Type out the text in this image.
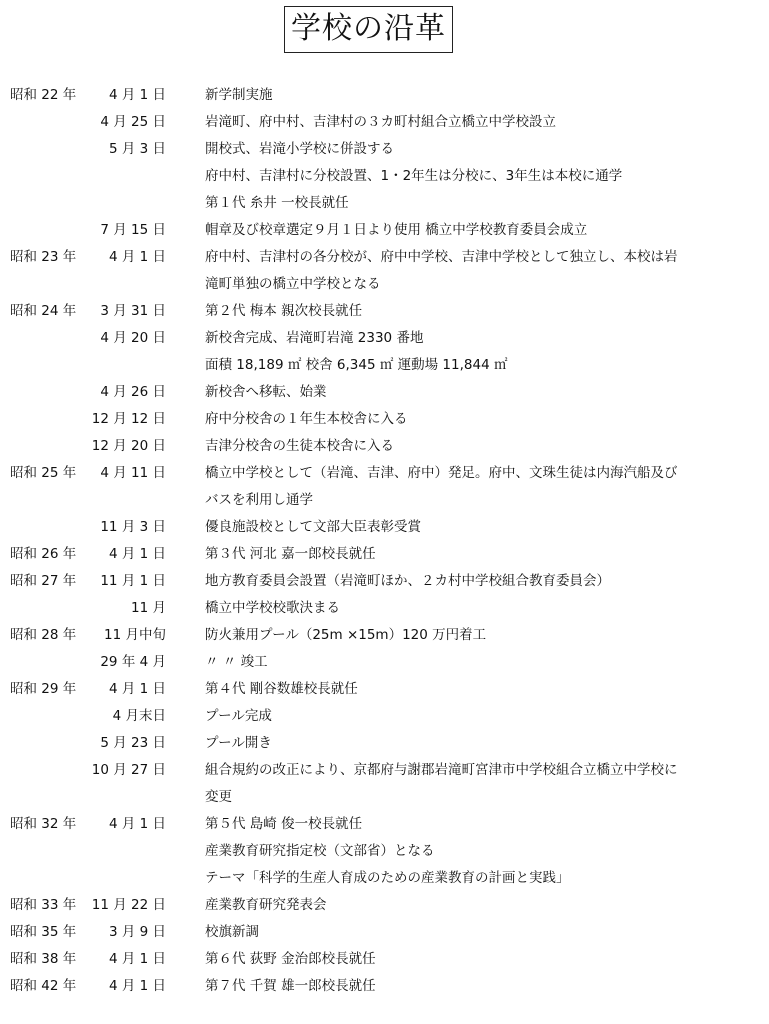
学校の沿革
昭和 22 年	4 月 1 日	新学制実施
4 月 25 日	岩滝町、府中村、吉津村の３カ町村組合立橋立中学校設立
5 月 3 日	開校式、岩滝小学校に併設する
府中村、吉津村に分校設置、1・2年生は分校に、3年生は本校に通学
第１代 糸井 一校長就任
7 月 15 日	帽章及び校章選定９月１日より使用 橋立中学校教育委員会成立
昭和 23 年	4 月 1 日	府中村、吉津村の各分校が、府中中学校、吉津中学校として独立し、本校は岩
滝町単独の橋立中学校となる
昭和 24 年	3 月 31 日	第２代 梅本 親次校長就任
4 月 20 日	新校舎完成、岩滝町岩滝 2330 番地
面積 18,189 ㎡ 校舎 6,345 ㎡ 運動場 11,844 ㎡
4 月 26 日	新校舎へ移転、始業
12 月 12 日	府中分校舎の１年生本校舎に入る
12 月 20 日	吉津分校舎の生徒本校舎に入る
昭和 25 年	4 月 11 日	橋立中学校として（岩滝、吉津、府中）発足。府中、文珠生徒は内海汽船及び
バスを利用し通学
11 月 3 日	優良施設校として文部大臣表彰受賞
昭和 26 年	4 月 1 日	第３代 河北 嘉一郎校長就任
昭和 27 年	11 月 1 日	地方教育委員会設置（岩滝町ほか、２カ村中学校組合教育委員会）
11 月	橋立中学校校歌決まる
昭和 28 年	11 月中旬	防火兼用プール（25m ×15m）120 万円着工
29 年 4 月	〃 〃 竣工
昭和 29 年	4 月 1 日	第４代 剛谷数雄校長就任
4 月末日	プール完成
5 月 23 日	プール開き
10 月 27 日	組合規約の改正により、京都府与謝郡岩滝町宮津市中学校組合立橋立中学校に
変更
昭和 32 年	4 月 1 日	第５代 島崎 俊一校長就任
産業教育研究指定校（文部省）となる
テーマ「科学的生産人育成のための産業教育の計画と実践」
昭和 33 年	11 月 22 日	産業教育研究発表会
昭和 35 年	3 月 9 日	校旗新調
昭和 38 年	4 月 1 日	第６代 荻野 金治郎校長就任
昭和 42 年	4 月 1 日	第７代 千賀 雄一郎校長就任
